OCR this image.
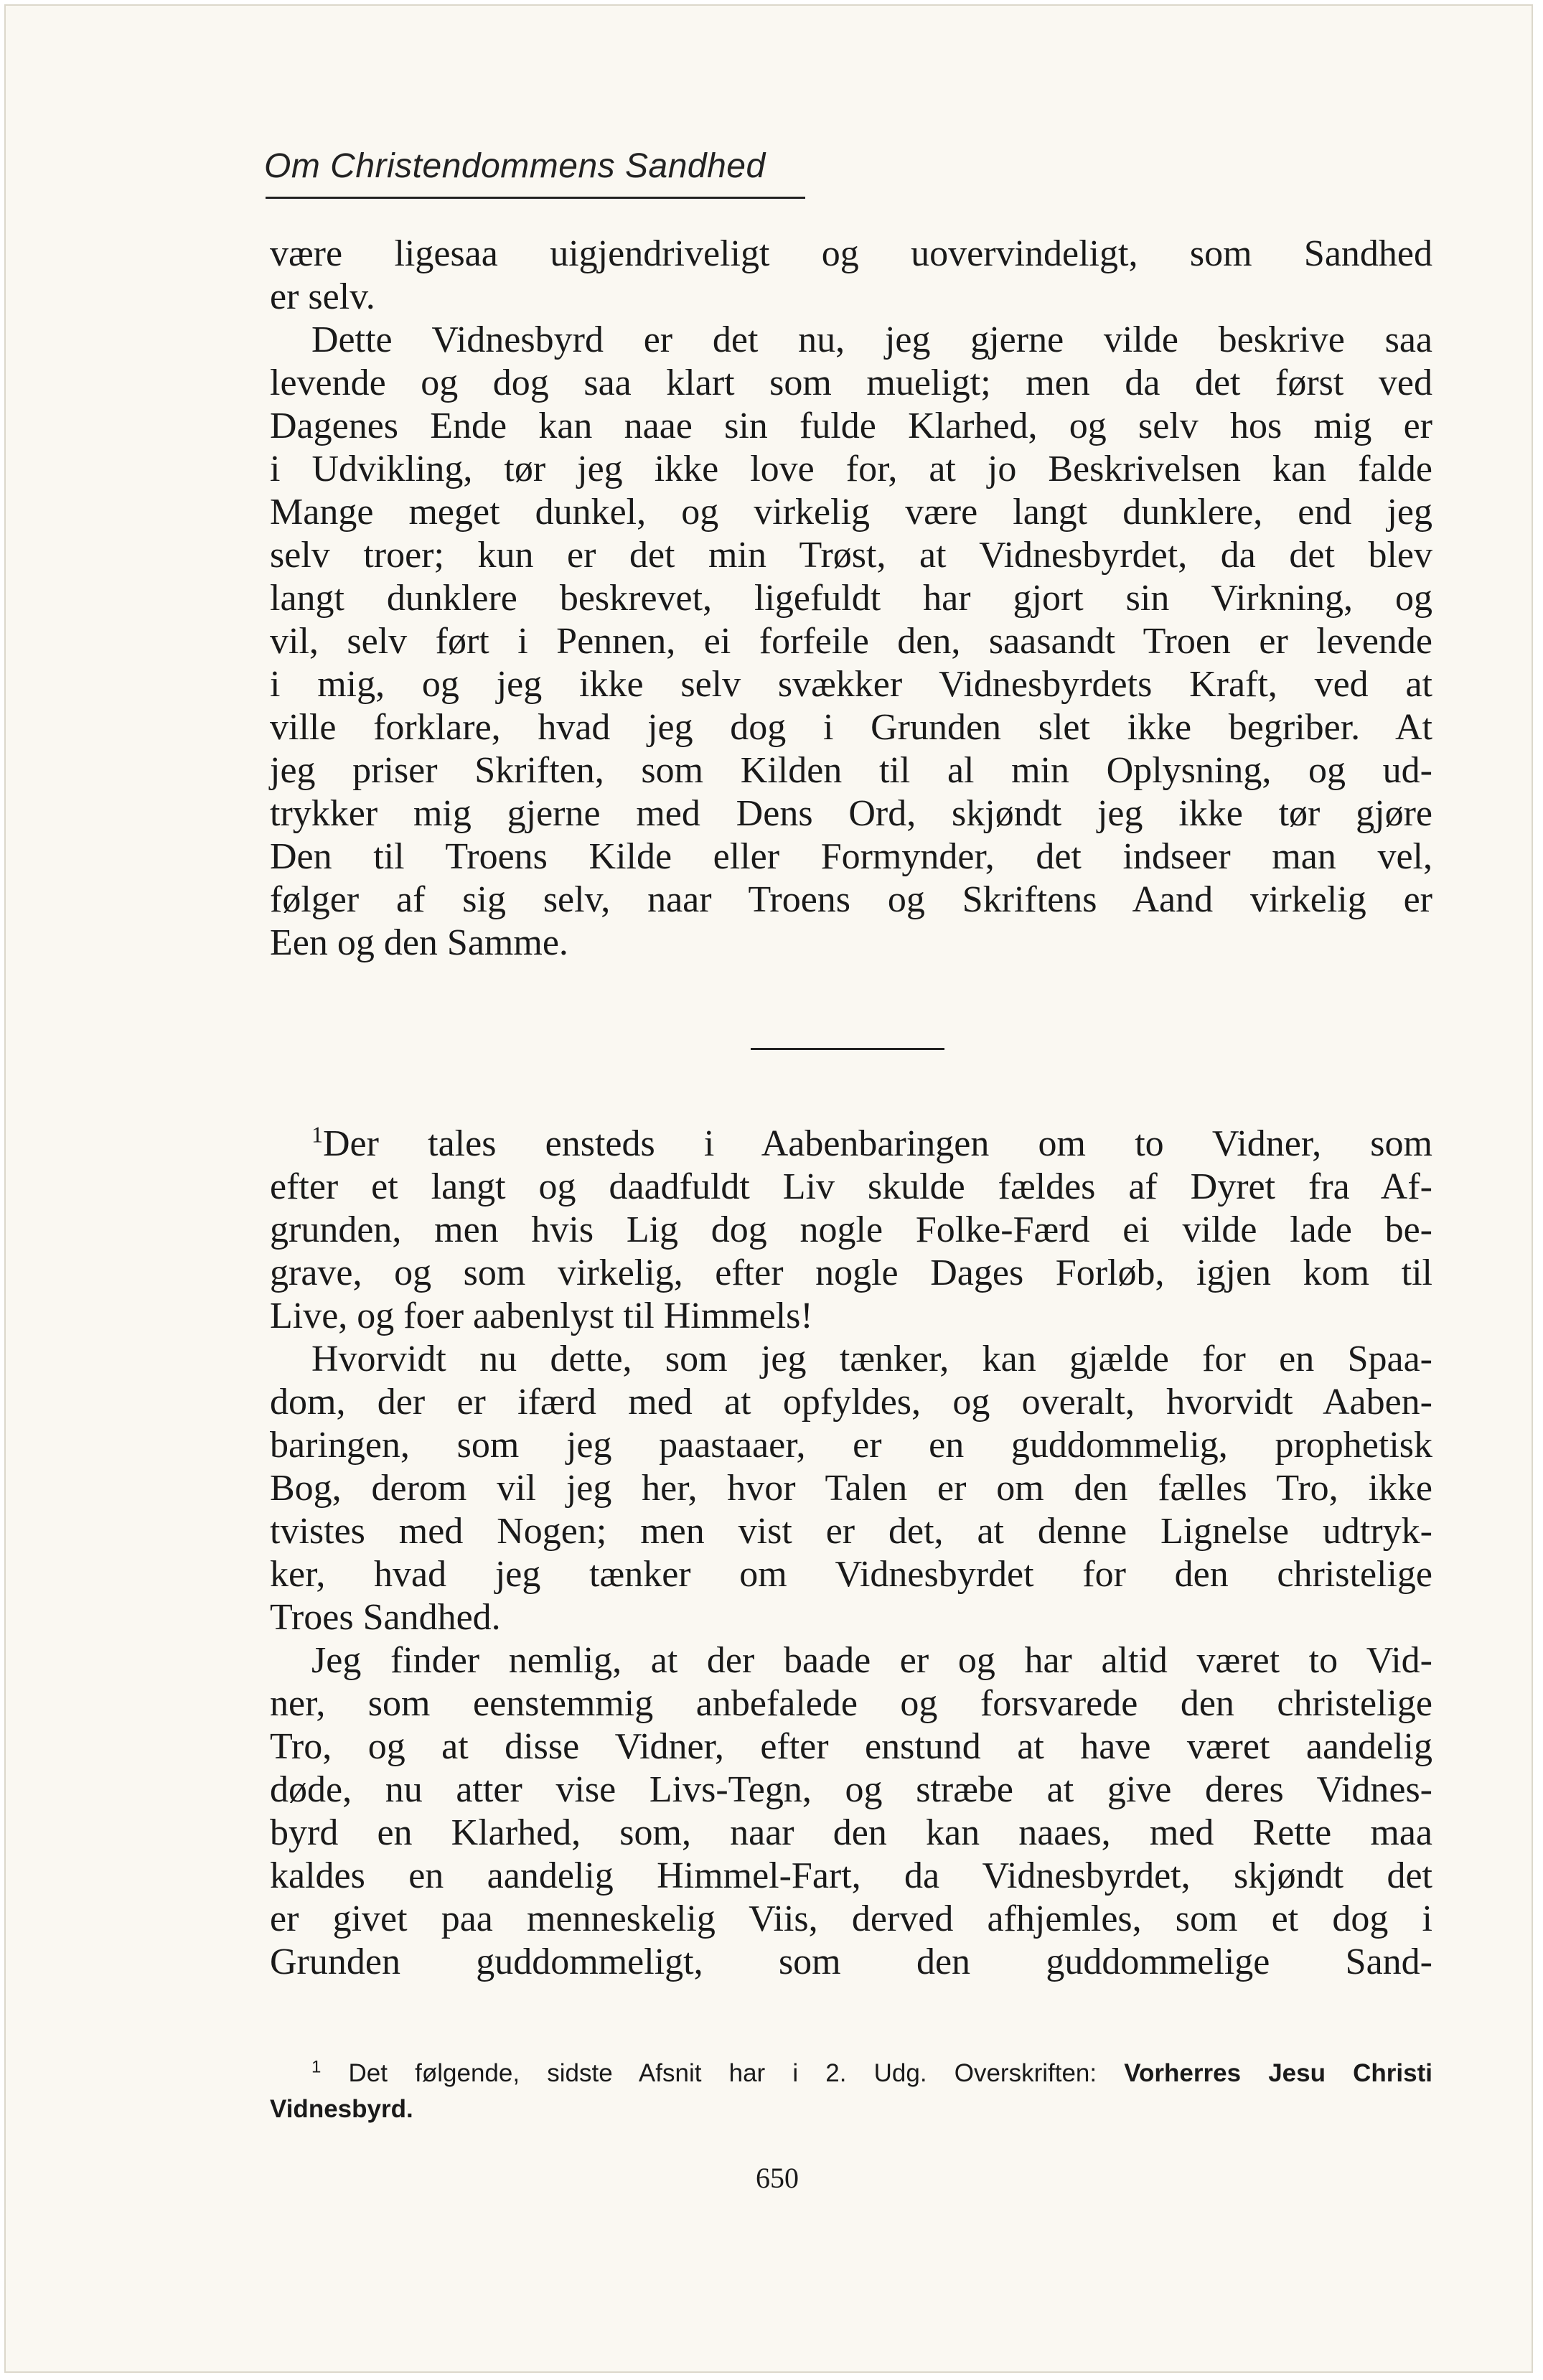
Om Christendommens Sandhed
være ligesaa uigjendriveligt og uovervindeligt, som Sandhed
er selv.
Dette Vidnesbyrd er det nu, jeg gjerne vilde beskrive saa
levende og dog saa klart som mueligt; men da det først ved
Dagenes Ende kan naae sin fulde Klarhed, og selv hos mig er
i Udvikling, tør jeg ikke love for, at jo Beskrivelsen kan falde
Mange meget dunkel, og virkelig være langt dunklere, end jeg
selv troer; kun er det min Trøst, at Vidnesbyrdet, da det blev
langt dunklere beskrevet, ligefuldt har gjort sin Virkning, og
vil, selv ført i Pennen, ei forfeile den, saasandt Troen er levende
i mig, og jeg ikke selv svækker Vidnesbyrdets Kraft, ved at
ville forklare, hvad jeg dog i Grunden slet ikke begriber. At
jeg priser Skriften, som Kilden til al min Oplysning, og ud-
trykker mig gjerne med Dens Ord, skjøndt jeg ikke tør gjøre
Den til Troens Kilde eller Formynder, det indseer man vel,
følger af sig selv, naar Troens og Skriftens Aand virkelig er
Een og den Samme.
$^1$Der tales ensteds i Aabenbaringen om to Vidner, som
efter et langt og daadfuldt Liv skulde fældes af Dyret fra Af-
grunden, men hvis Lig dog nogle Folke-Færd ei vilde lade be-
grave, og som virkelig, efter nogle Dages Forløb, igjen kom til
Live, og foer aabenlyst til Himmels!
Hvorvidt nu dette, som jeg tænker, kan gjælde for en Spaa-
dom, der er ifærd med at opfyldes, og overalt, hvorvidt Aaben-
baringen, som jeg paastaaer, er en guddommelig, prophetisk
Bog, derom vil jeg her, hvor Talen er om den fælles Tro, ikke
tvistes med Nogen; men vist er det, at denne Lignelse udtryk-
ker, hvad jeg tænker om Vidnesbyrdet for den christelige
Troes Sandhed.
Jeg finder nemlig, at der baade er og har altid været to Vid-
ner, som eenstemmig anbefalede og forsvarede den christelige
Tro, og at disse Vidner, efter enstund at have været aandelig
døde, nu atter vise Livs-Tegn, og stræbe at give deres Vidnes-
byrd en Klarhed, som, naar den kan naaes, med Rette maa
kaldes en aandelig Himmel-Fart, da Vidnesbyrdet, skjøndt det
er givet paa menneskelig Viis, derved afhjemles, som et dog i
Grunden guddommeligt, som den guddommelige Sand-
$^1$ Det følgende, sidste Afsnit har i 2. Udg. Overskriften: Vorherres Jesu Christi
Vidnesbyrd.
650
